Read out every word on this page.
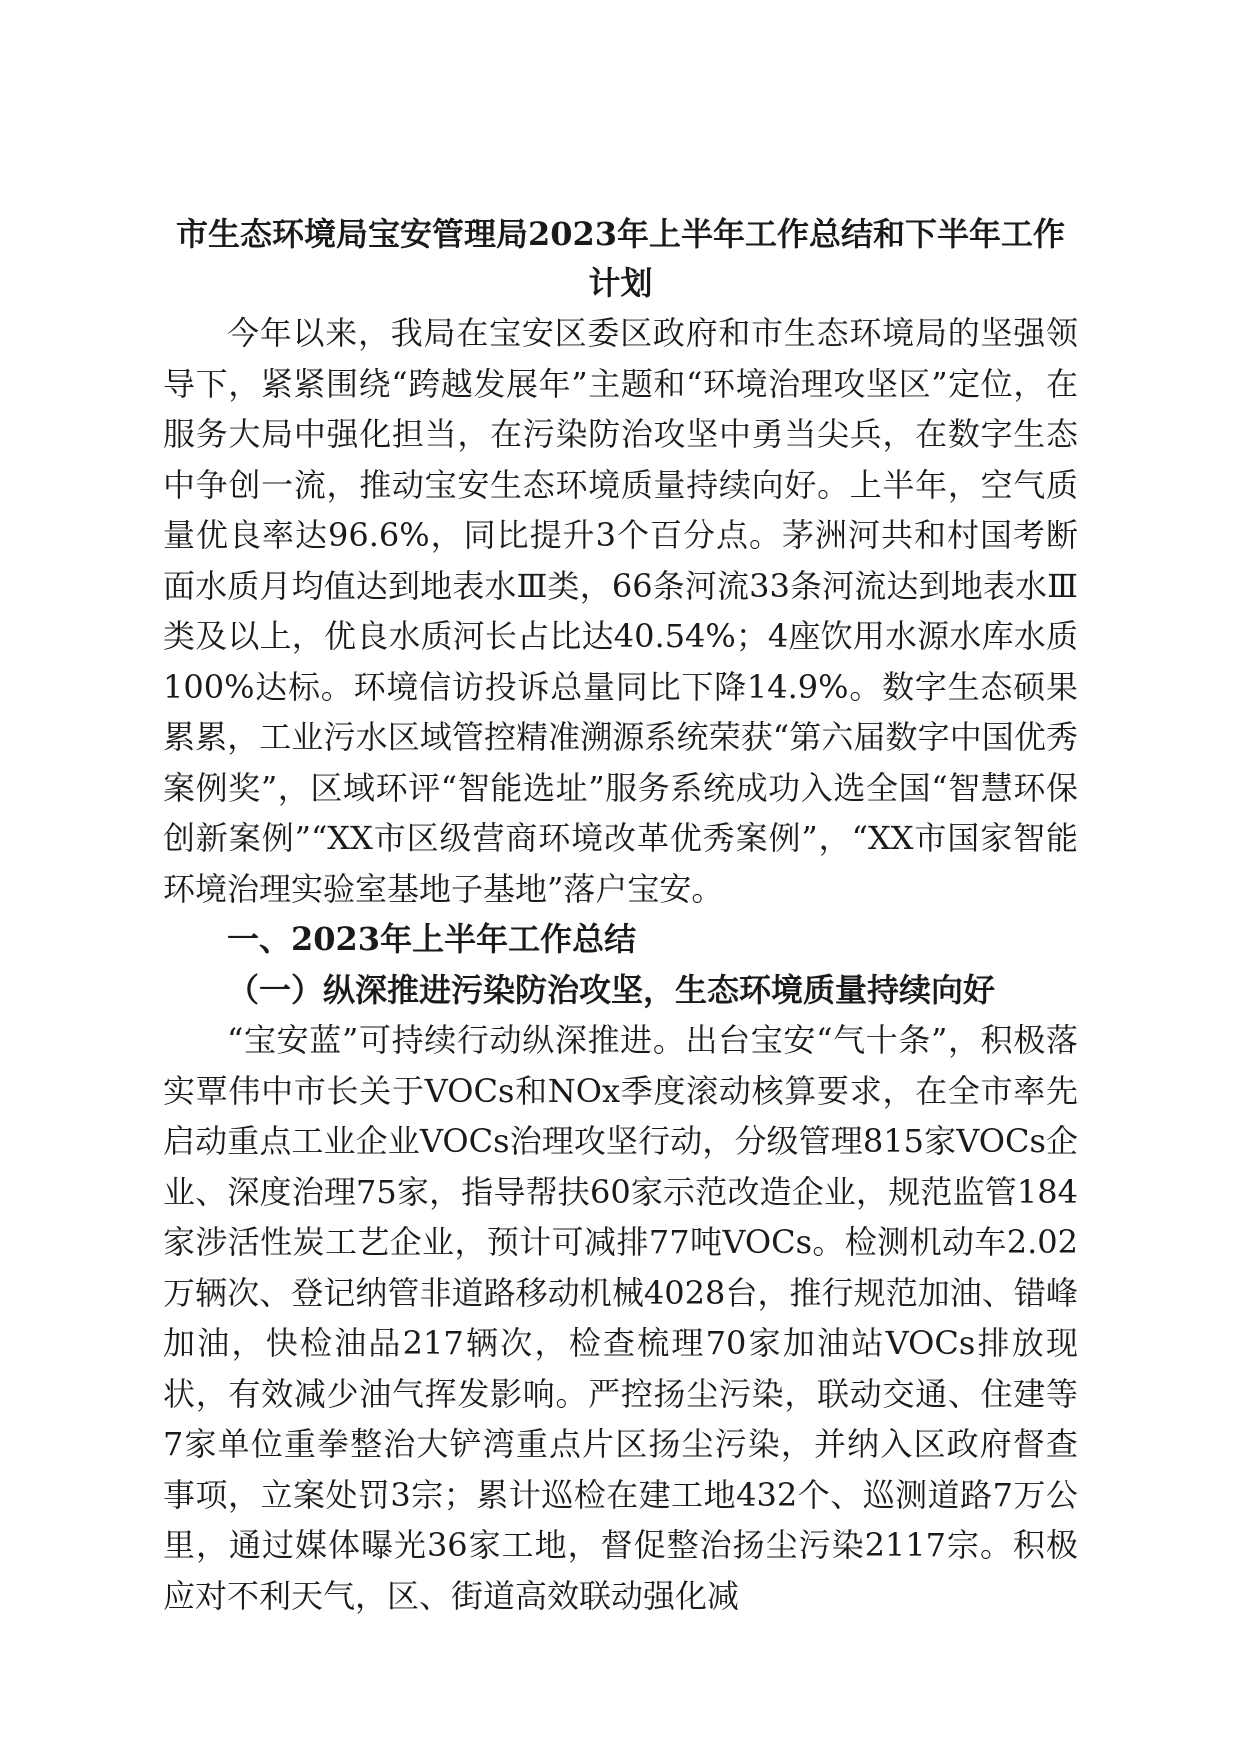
市生态环境局宝安管理局2023年上半年工作总结和下半年工作计划

今年以来，我局在宝安区委区政府和市生态环境局的坚强领导下，紧紧围绕“跨越发展年”主题和“环境治理攻坚区”定位，在服务大局中强化担当，在污染防治攻坚中勇当尖兵，在数字生态中争创一流，推动宝安生态环境质量持续向好。上半年，空气质量优良率达96.6%，同比提升3个百分点。茅洲河共和村国考断面水质月均值达到地表水Ⅲ类，66条河流33条河流达到地表水Ⅲ类及以上，优良水质河长占比达40.54%；4座饮用水源水库水质100%达标。环境信访投诉总量同比下降14.9%。数字生态硕果累累，工业污水区域管控精准溯源系统荣获“第六届数字中国优秀案例奖”，区域环评“智能选址”服务系统成功入选全国“智慧环保创新案例”“XX市区级营商环境改革优秀案例”，“XX市国家智能环境治理实验室基地子基地”落户宝安。

一、2023年上半年工作总结

（一）纵深推进污染防治攻坚，生态环境质量持续向好

“宝安蓝”可持续行动纵深推进。出台宝安“气十条”，积极落实覃伟中市长关于VOCs和NOx季度滚动核算要求，在全市率先启动重点工业企业VOCs治理攻坚行动，分级管理815家VOCs企业、深度治理75家，指导帮扶60家示范改造企业，规范监管184家涉活性炭工艺企业，预计可减排77吨VOCs。检测机动车2.02万辆次、登记纳管非道路移动机械4028台，推行规范加油、错峰加油，快检油品217辆次，检查梳理70家加油站VOCs排放现状，有效减少油气挥发影响。严控扬尘污染，联动交通、住建等7家单位重拳整治大铲湾重点片区扬尘污染，并纳入区政府督查事项，立案处罚3宗；累计巡检在建工地432个、巡测道路7万公里，通过媒体曝光36家工地，督促整治扬尘污染2117宗。积极应对不利天气，区、街道高效联动强化减
